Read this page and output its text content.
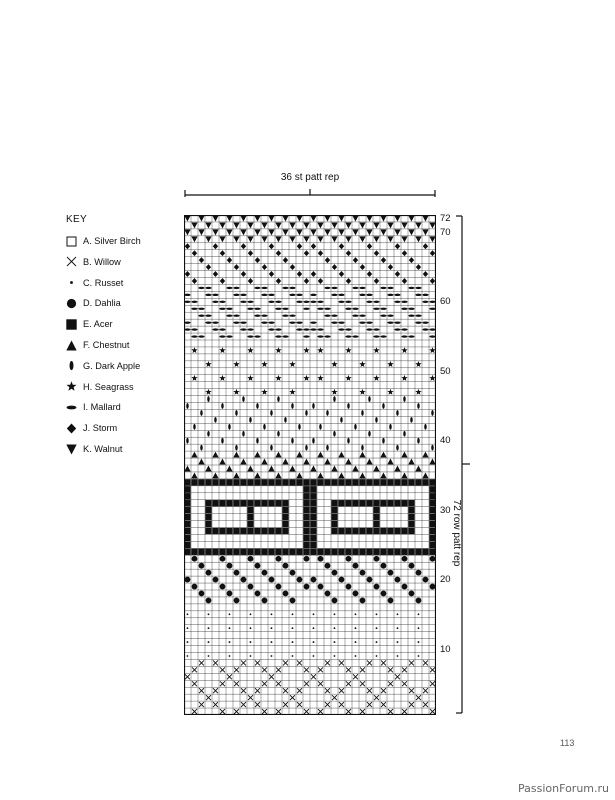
36 st patt rep
KEY
A. Silver Birch
B. Willow
C. Russet
D. Dahlia
E. Acer
F. Chestnut
G. Dark Apple
H. Seagrass
I. Mallard
J. Storm
K. Walnut
72
70
60
50
40
30
20
10
72 row patt rep
113
PassionForum.ru
